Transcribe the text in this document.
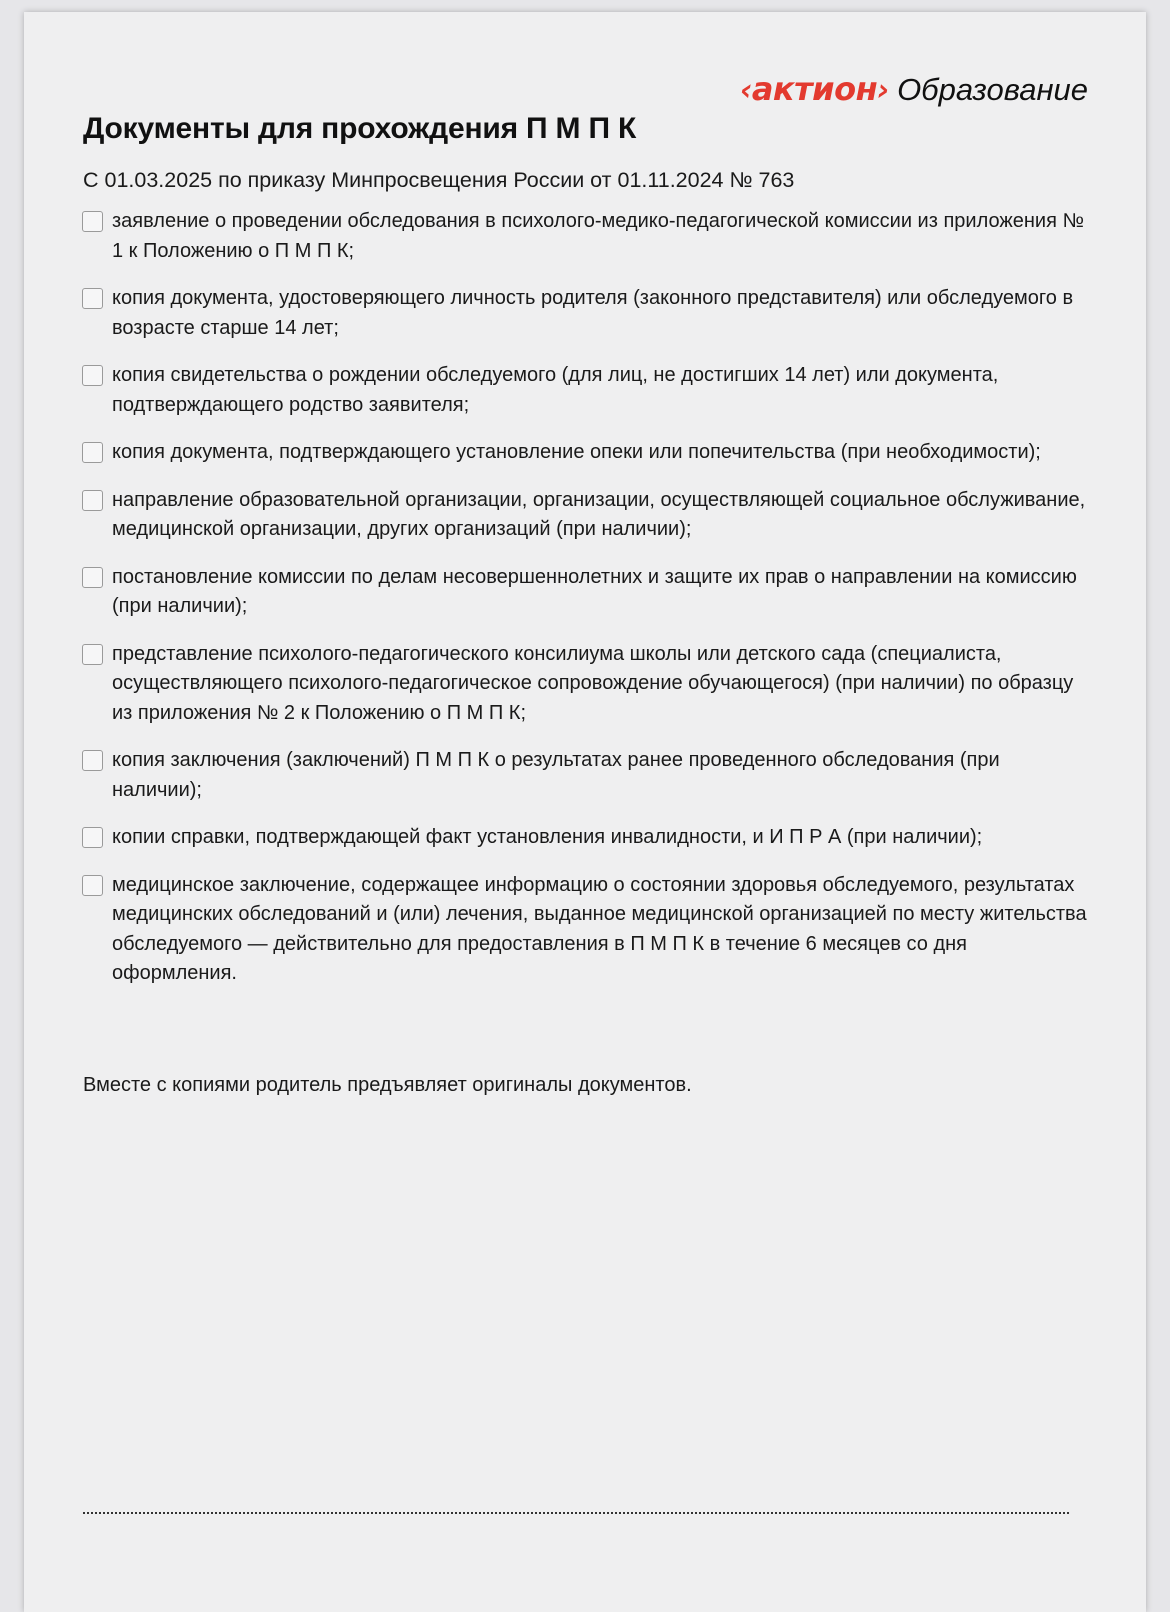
‹актион› Образование
Документы для прохождения П М П К

С 01.03.2025 по приказу Минпросвещения России от 01.11.2024 № 763

заявление о проведении обследования в психолого-медико-педагогической комиссии из приложения № 1 к Положению о П М П К;
копия документа, удостоверяющего личность родителя (законного представителя) или обследуемого в возрасте старше 14 лет;
копия свидетельства о рождении обследуемого (для лиц, не достигших 14 лет) или документа, подтверждающего родство заявителя;
копия документа, подтверждающего установление опеки или попечительства (при необходимости);
направление образовательной организации, организации, осуществляющей социальное обслуживание, медицинской организации, других организаций (при наличии);
постановление комиссии по делам несовершеннолетних и защите их прав о направлении на комиссию (при наличии);
представление психолого-педагогического консилиума школы или детского сада (специалиста, осуществляющего психолого-педагогическое сопровождение обучающегося) (при наличии) по образцу из приложения № 2 к Положению о П М П К;
копия заключения (заключений) П М П К о результатах ранее проведенного обследования (при наличии);
копии справки, подтверждающей факт установления инвалидности, и И П Р А (при наличии);
медицинское заключение, содержащее информацию о состоянии здоровья обследуемого, результатах медицинских обследований и (или) лечения, выданное медицинской организацией по месту жительства обследуемого — действительно для предоставления в П М П К в течение 6 месяцев со дня оформления.

Вместе с копиями родитель предъявляет оригиналы документов.
